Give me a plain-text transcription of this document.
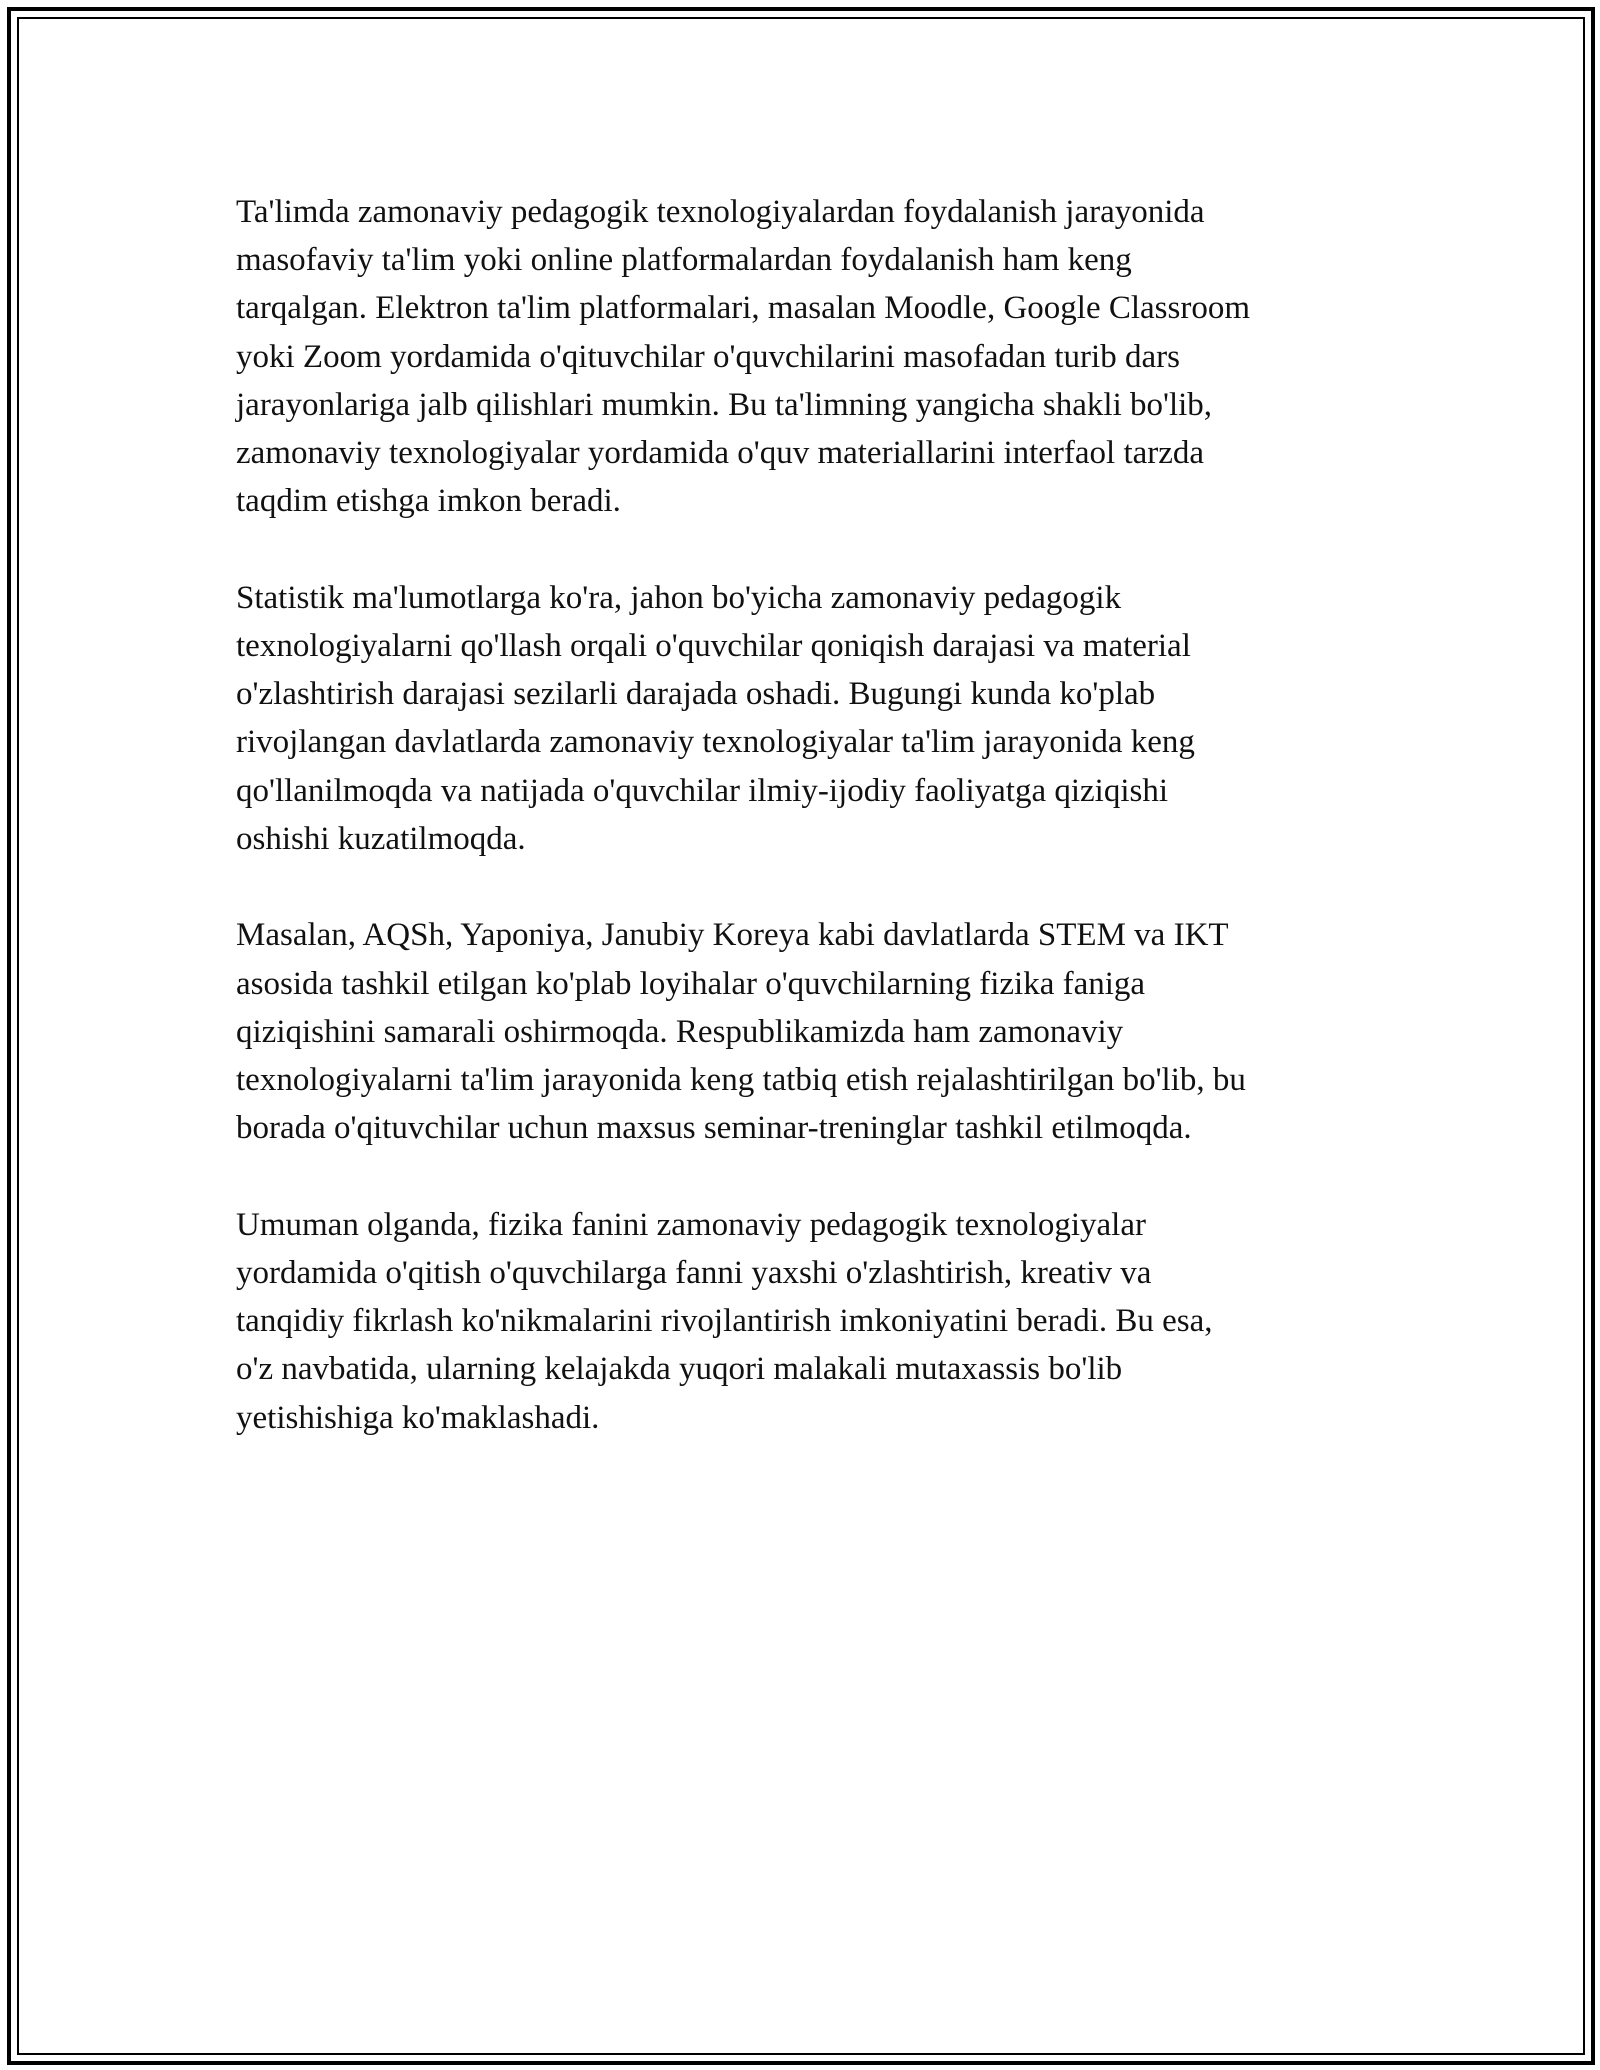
Ta'limda zamonaviy pedagogik texnologiyalardan foydalanish jarayonida
masofaviy ta'lim yoki online platformalardan foydalanish ham keng
tarqalgan. Elektron ta'lim platformalari, masalan Moodle, Google Classroom
yoki Zoom yordamida o'qituvchilar o'quvchilarini masofadan turib dars
jarayonlariga jalb qilishlari mumkin. Bu ta'limning yangicha shakli bo'lib,
zamonaviy texnologiyalar yordamida o'quv materiallarini interfaol tarzda
taqdim etishga imkon beradi.

Statistik ma'lumotlarga ko'ra, jahon bo'yicha zamonaviy pedagogik
texnologiyalarni qo'llash orqali o'quvchilar qoniqish darajasi va material
o'zlashtirish darajasi sezilarli darajada oshadi. Bugungi kunda ko'plab
rivojlangan davlatlarda zamonaviy texnologiyalar ta'lim jarayonida keng
qo'llanilmoqda va natijada o'quvchilar ilmiy-ijodiy faoliyatga qiziqishi
oshishi kuzatilmoqda.

Masalan, AQSh, Yaponiya, Janubiy Koreya kabi davlatlarda STEM va IKT
asosida tashkil etilgan ko'plab loyihalar o'quvchilarning fizika faniga
qiziqishini samarali oshirmoqda. Respublikamizda ham zamonaviy
texnologiyalarni ta'lim jarayonida keng tatbiq etish rejalashtirilgan bo'lib, bu
borada o'qituvchilar uchun maxsus seminar-treninglar tashkil etilmoqda.

Umuman olganda, fizika fanini zamonaviy pedagogik texnologiyalar
yordamida o'qitish o'quvchilarga fanni yaxshi o'zlashtirish, kreativ va
tanqidiy fikrlash ko'nikmalarini rivojlantirish imkoniyatini beradi. Bu esa,
o'z navbatida, ularning kelajakda yuqori malakali mutaxassis bo'lib
yetishishiga ko'maklashadi.
